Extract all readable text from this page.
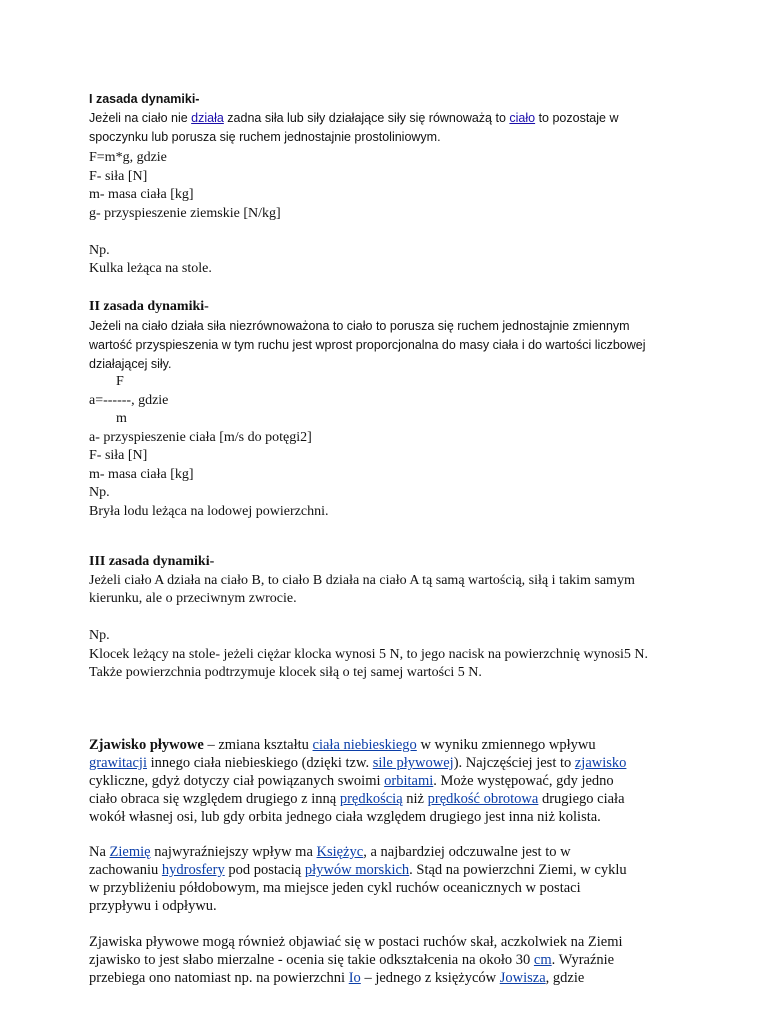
I zasada dynamiki-
Jeżeli na ciało nie działa zadna siła lub siły działające siły się równoważą to ciało to pozostaje w
spoczynku lub porusza się ruchem jednostajnie prostoliniowym.
F=m*g, gdzie
F- siła [N]
m- masa ciała [kg]
g- przyspieszenie ziemskie [N/kg]
Np.
Kulka leżąca na stole.
II zasada dynamiki-
Jeżeli na ciało działa siła niezrównoważona to ciało to porusza się ruchem jednostajnie zmiennym
wartość przyspieszenia w tym ruchu jest wprost proporcjonalna do masy ciała i do wartości liczbowej
działającej siły.
F
a=------, gdzie
m
a- przyspieszenie ciała [m/s do potęgi2]
F- siła [N]
m- masa ciała [kg]
Np.
Bryła lodu leżąca na lodowej powierzchni.
III zasada dynamiki-
Jeżeli ciało A działa na ciało B, to ciało B działa na ciało A tą samą wartością, siłą i takim samym
kierunku, ale o przeciwnym zwrocie.
Np.
Klocek leżący na stole- jeżeli ciężar klocka wynosi 5 N, to jego nacisk na powierzchnię wynosi5 N.
Także powierzchnia podtrzymuje klocek siłą o tej samej wartości 5 N.
Zjawisko pływowe – zmiana kształtu ciała niebieskiego w wyniku zmiennego wpływu
grawitacji innego ciała niebieskiego (dzięki tzw. sile pływowej). Najczęściej jest to zjawisko
cykliczne, gdyż dotyczy ciał powiązanych swoimi orbitami. Może występować, gdy jedno
ciało obraca się względem drugiego z inną prędkością niż prędkość obrotowa drugiego ciała
wokół własnej osi, lub gdy orbita jednego ciała względem drugiego jest inna niż kolista.
Na Ziemię najwyraźniejszy wpływ ma Księżyc, a najbardziej odczuwalne jest to w
zachowaniu hydrosfery pod postacią pływów morskich. Stąd na powierzchni Ziemi, w cyklu
w przybliżeniu półdobowym, ma miejsce jeden cykl ruchów oceanicznych w postaci
przypływu i odpływu.
Zjawiska pływowe mogą również objawiać się w postaci ruchów skał, aczkolwiek na Ziemi
zjawisko to jest słabo mierzalne - ocenia się takie odkształcenia na około 30 cm. Wyraźnie
przebiega ono natomiast np. na powierzchni Io – jednego z księżyców Jowisza, gdzie
